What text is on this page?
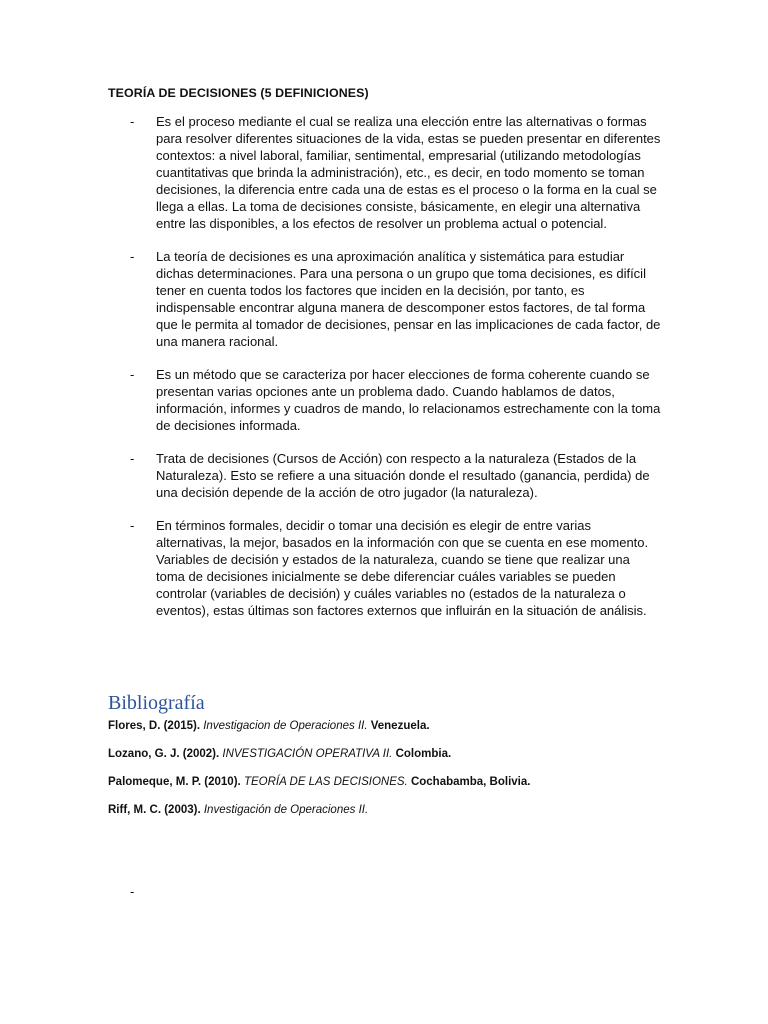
TEORÍA DE DECISIONES (5 DEFINICIONES)
- Es el proceso mediante el cual se realiza una elección entre las alternativas o formas para resolver diferentes situaciones de la vida, estas se pueden presentar en diferentes contextos: a nivel laboral, familiar, sentimental, empresarial (utilizando metodologías cuantitativas que brinda la administración), etc., es decir, en todo momento se toman decisiones, la diferencia entre cada una de estas es el proceso o la forma en la cual se llega a ellas. La toma de decisiones consiste, básicamente, en elegir una alternativa entre las disponibles, a los efectos de resolver un problema actual o potencial.
- La teoría de decisiones es una aproximación analítica y sistemática para estudiar dichas determinaciones. Para una persona o un grupo que toma decisiones, es difícil tener en cuenta todos los factores que inciden en la decisión, por tanto, es indispensable encontrar alguna manera de descomponer estos factores, de tal forma que le permita al tomador de decisiones, pensar en las implicaciones de cada factor, de una manera racional.
- Es un método que se caracteriza por hacer elecciones de forma coherente cuando se presentan varias opciones ante un problema dado. Cuando hablamos de datos, información, informes y cuadros de mando, lo relacionamos estrechamente con la toma de decisiones informada.
- Trata de decisiones (Cursos de Acción) con respecto a la naturaleza (Estados de la Naturaleza). Esto se refiere a una situación donde el resultado (ganancia, perdida) de una decisión depende de la acción de otro jugador (la naturaleza).
- En términos formales, decidir o tomar una decisión es elegir de entre varias alternativas, la mejor, basados en la información con que se cuenta en ese momento. Variables de decisión y estados de la naturaleza, cuando se tiene que realizar una toma de decisiones inicialmente se debe diferenciar cuáles variables se pueden controlar (variables de decisión) y cuáles variables no (estados de la naturaleza o eventos), estas últimas son factores externos que influirán en la situación de análisis.
Bibliografía
Flores, D. (2015). Investigacion de Operaciones II. Venezuela.
Lozano, G. J. (2002). INVESTIGACIÓN OPERATIVA II. Colombia.
Palomeque, M. P. (2010). TEORÍA DE LAS DECISIONES. Cochabamba, Bolivia.
Riff, M. C. (2003). Investigación de Operaciones II.
-
